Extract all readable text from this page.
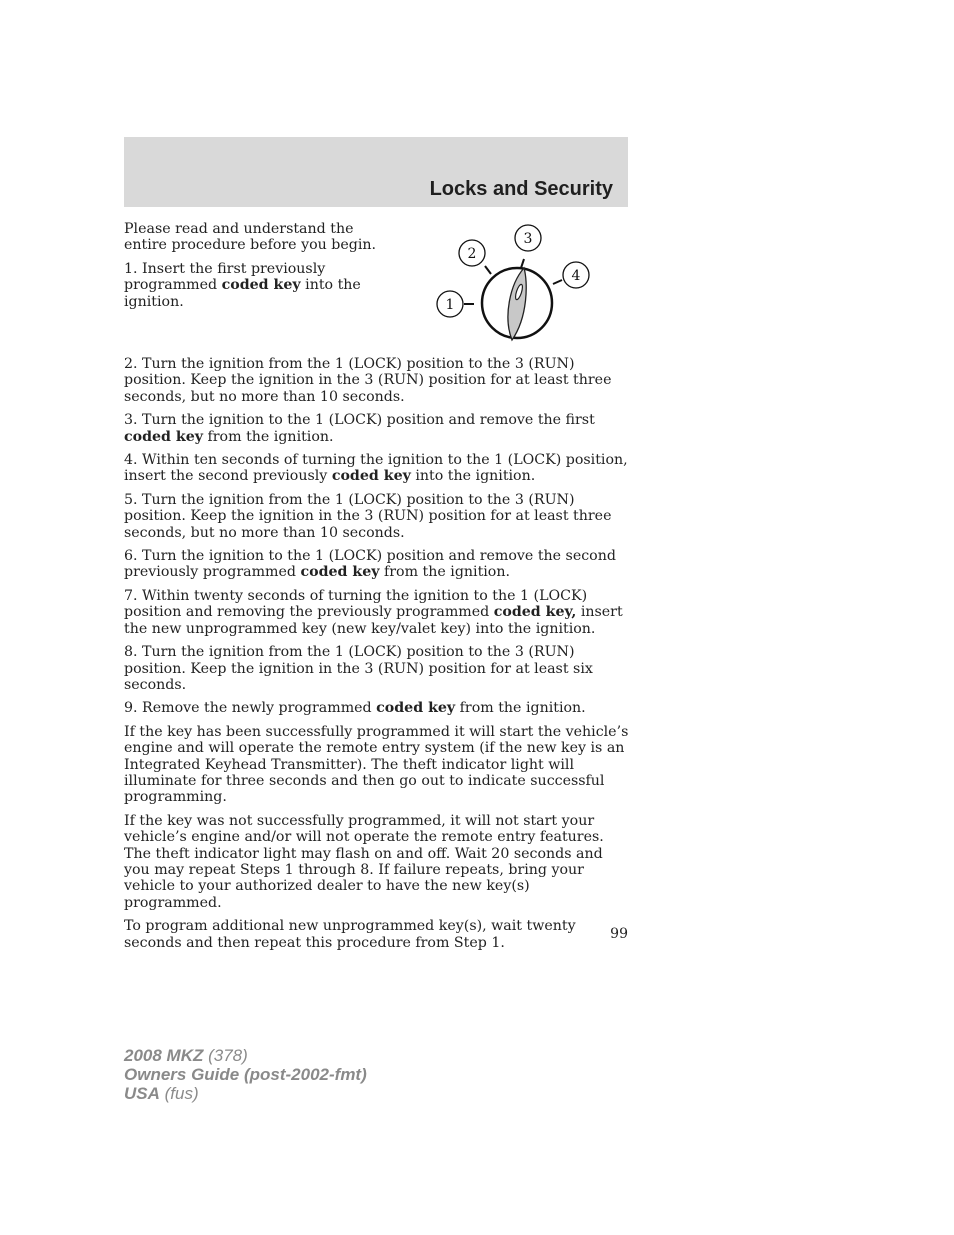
Locks and Security

Please read and understand the entire procedure before you begin.

1. Insert the first previously programmed coded key into the ignition.	1
2
3
4

2. Turn the ignition from the 1 (LOCK) position to the 3 (RUN) position. Keep the ignition in the 3 (RUN) position for at least three seconds, but no more than 10 seconds.

3. Turn the ignition to the 1 (LOCK) position and remove the first coded key from the ignition.

4. Within ten seconds of turning the ignition to the 1 (LOCK) position, insert the second previously coded key into the ignition.

5. Turn the ignition from the 1 (LOCK) position to the 3 (RUN) position. Keep the ignition in the 3 (RUN) position for at least three seconds, but no more than 10 seconds.

6. Turn the ignition to the 1 (LOCK) position and remove the second previously programmed coded key from the ignition.

7. Within twenty seconds of turning the ignition to the 1 (LOCK) position and removing the previously programmed coded key, insert the new unprogrammed key (new key/valet key) into the ignition.

8. Turn the ignition from the 1 (LOCK) position to the 3 (RUN) position. Keep the ignition in the 3 (RUN) position for at least six seconds.

9. Remove the newly programmed coded key from the ignition.

If the key has been successfully programmed it will start the vehicle’s engine and will operate the remote entry system (if the new key is an Integrated Keyhead Transmitter). The theft indicator light will illuminate for three seconds and then go out to indicate successful programming.

If the key was not successfully programmed, it will not start your vehicle’s engine and/or will not operate the remote entry features. The theft indicator light may flash on and off. Wait 20 seconds and you may repeat Steps 1 through 8. If failure repeats, bring your vehicle to your authorized dealer to have the new key(s) programmed.

To program additional new unprogrammed key(s), wait twenty seconds and then repeat this procedure from Step 1.

99
2008 MKZ (378)
Owners Guide (post-2002-fmt)
USA (fus)
